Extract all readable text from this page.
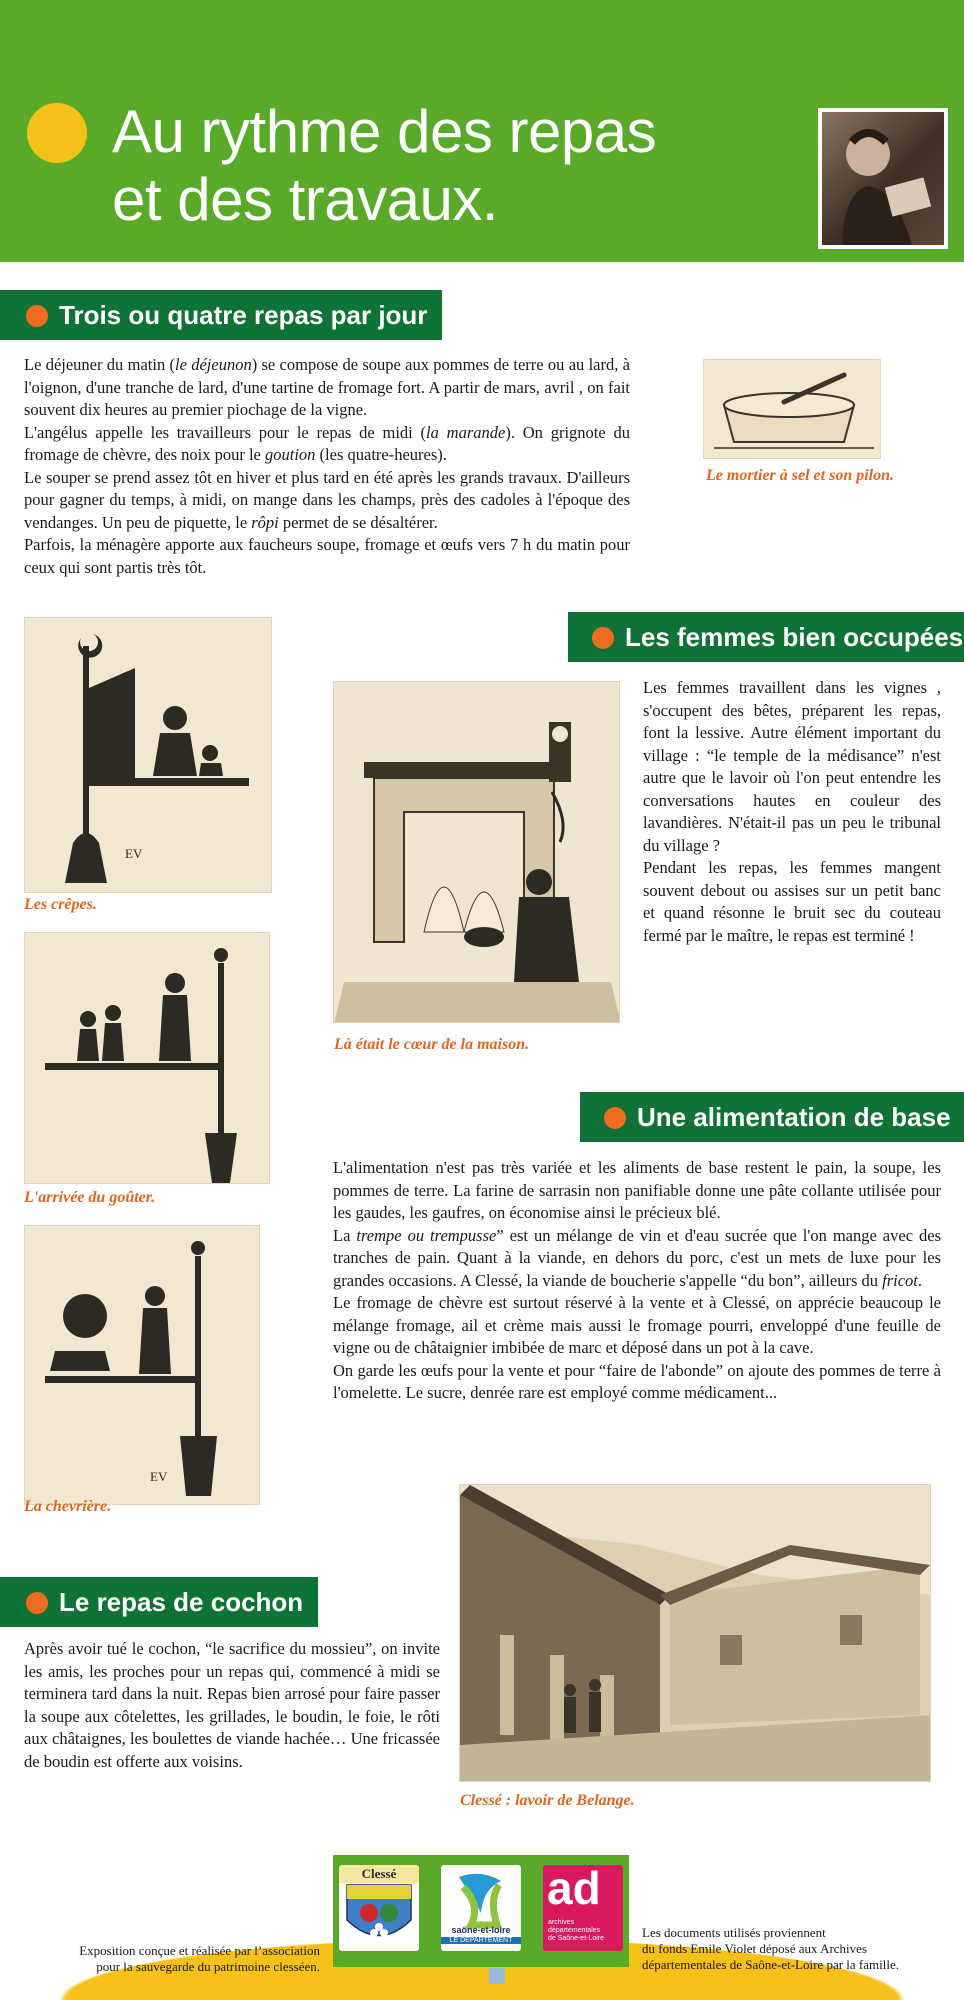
Au rythme des repas
et des travaux.
Trois ou quatre repas par jour

Le déjeuner du matin (le déjeunon) se compose de soupe aux pommes de terre ou au lard, à l'oignon, d'une tranche de lard, d'une tartine de fromage fort. A partir de mars, avril , on fait souvent dix heures au premier piochage de la vigne.

L'angélus appelle les travailleurs pour le repas de midi (la marande). On grignote du fromage de chèvre, des noix pour le goution (les quatre-heures).

Le souper se prend assez tôt en hiver et plus tard en été après les grands travaux. D'ailleurs pour gagner du temps, à midi, on mange dans les champs, près des cadoles à l'époque des vendanges. Un peu de piquette, le rôpi permet de se désaltérer.

Parfois, la ménagère apporte aux faucheurs soupe, fromage et œufs vers 7 h du matin pour ceux qui sont partis très tôt.

Le mortier à sel et son pilon.
EV
Les crêpes.
L'arrivée du goûter.
EV
La chevrière.
Les femmes bien occupées
Là était le cœur de la maison.

Les femmes travaillent dans les vignes , s'occupent des bêtes, préparent les repas, font la lessive. Autre élément important du village : “le temple de la médisance” n'est autre que le lavoir où l'on peut entendre les conversations hautes en couleur des lavandières. N'était-il pas un peu le tribunal du village ?

Pendant les repas, les femmes mangent souvent debout ou assises sur un petit banc et quand résonne le bruit sec du couteau fermé par le maître, le repas est terminé !

Une alimentation de base

L'alimentation n'est pas très variée et les aliments de base restent le pain, la soupe, les pommes de terre. La farine de sarrasin non panifiable donne une pâte collante utilisée pour les gaudes, les gaufres, on économise ainsi le précieux blé.

La trempe ou trempusse” est un mélange de vin et d'eau sucrée que l'on mange avec des tranches de pain. Quant à la viande, en dehors du porc, c'est un mets de luxe pour les grandes occasions. A Clessé, la viande de boucherie s'appelle “du bon”, ailleurs du fricot.

Le fromage de chèvre est surtout réservé à la vente et à Clessé, on apprécie beaucoup le mélange fromage, ail et crème mais aussi le fromage pourri, enveloppé d'une feuille de vigne ou de châtaignier imbibée de marc et déposé dans un pot à la cave.

On garde les œufs pour la vente et pour “faire de l'abonde” on ajoute des pommes de terre à l'omelette. Le sucre, denrée rare est employé comme médicament...

Le repas de cochon

Après avoir tué le cochon, “le sacrifice du mossieu”, on invite les amis, les proches pour un repas qui, commencé à midi se terminera tard dans la nuit. Repas bien arrosé pour faire passer la soupe aux côtelettes, les grillades, le boudin, le foie, le rôti aux châtaignes, les boulettes de viande hachée… Une fricassée de boudin est offerte aux voisins.

Clessé : lavoir de Belange.
Exposition conçue et réalisée par l’association
pour la sauvegarde du patrimoine clesséen.
Les documents utilisés proviennent
du fonds Emile Violet déposé aux Archives
départementales de Saône-et-Loire par la famille.
Clessé
saône-et-loire
LE DÉPARTEMENT
ad
archives
départementales
de Saône-et-Loire
